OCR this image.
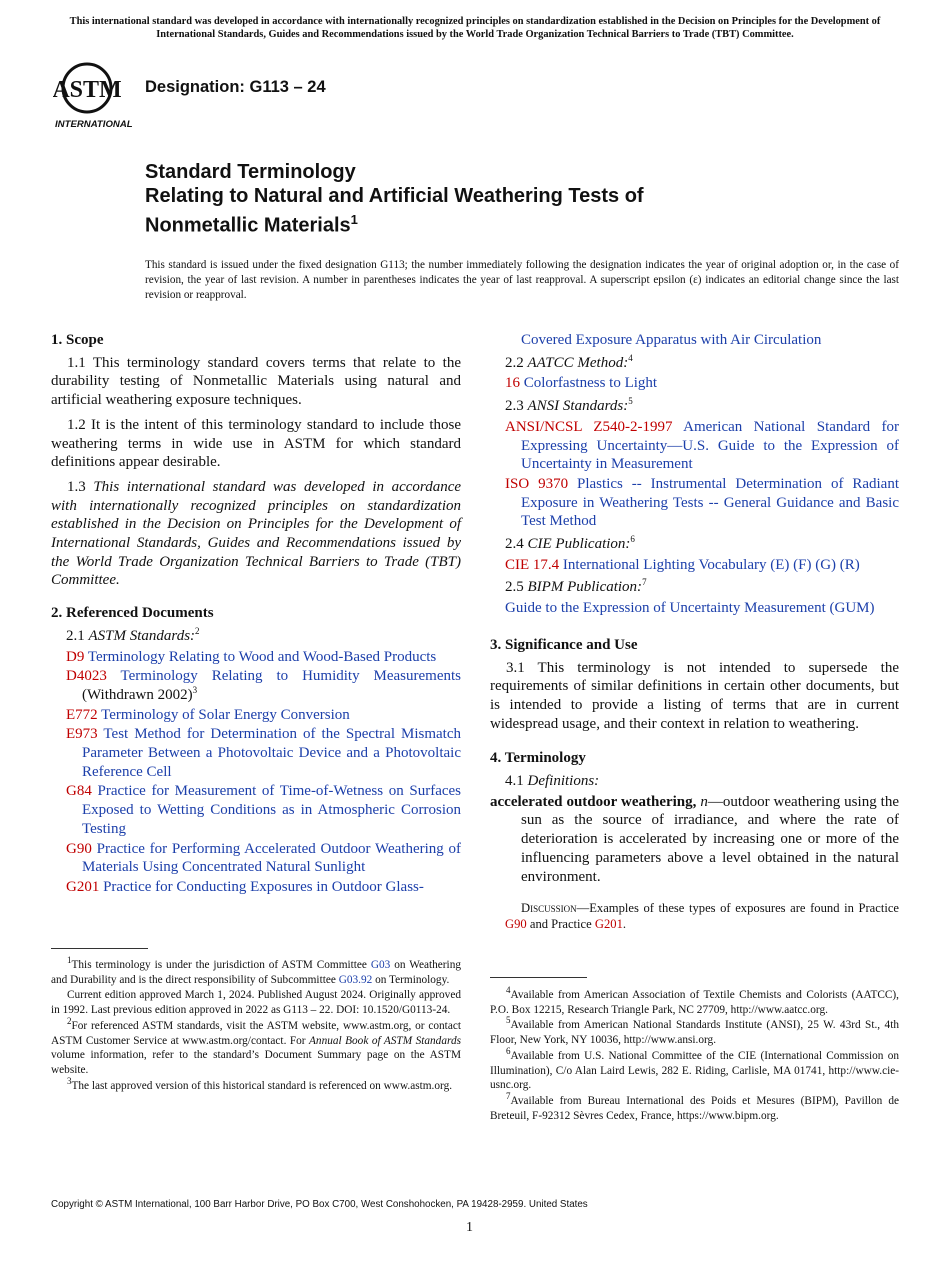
This international standard was developed in accordance with internationally recognized principles on standardization established in the Decision on Principles for the Development of International Standards, Guides and Recommendations issued by the World Trade Organization Technical Barriers to Trade (TBT) Committee.
ASTM
INTERNATIONAL
Designation: G113 – 24
Standard Terminology
Relating to Natural and Artificial Weathering Tests of
Nonmetallic Materials$^1$
This standard is issued under the fixed designation G113; the number immediately following the designation indicates the year of original adoption or, in the case of revision, the year of last revision. A number in parentheses indicates the year of last reapproval. A superscript epsilon (ε) indicates an editorial change since the last revision or reapproval.
1. Scope
1.1 This terminology standard covers terms that relate to the durability testing of Nonmetallic Materials using natural and artificial weathering exposure techniques.
1.2 It is the intent of this terminology standard to include those weathering terms in wide use in ASTM for which standard definitions appear desirable.
1.3 This international standard was developed in accordance with internationally recognized principles on standardization established in the Decision on Principles for the Development of International Standards, Guides and Recommendations issued by the World Trade Organization Technical Barriers to Trade (TBT) Committee.
2. Referenced Documents
2.1 ASTM Standards:$^2$
D9 Terminology Relating to Wood and Wood-Based Products
D4023 Terminology Relating to Humidity Measurements (Withdrawn 2002)$^3$
E772 Terminology of Solar Energy Conversion
E973 Test Method for Determination of the Spectral Mismatch Parameter Between a Photovoltaic Device and a Photovoltaic Reference Cell
G84 Practice for Measurement of Time-of-Wetness on Surfaces Exposed to Wetting Conditions as in Atmospheric Corrosion Testing
G90 Practice for Performing Accelerated Outdoor Weathering of Materials Using Concentrated Natural Sunlight
G201 Practice for Conducting Exposures in Outdoor Glass-
Covered Exposure Apparatus with Air Circulation
2.2 AATCC Method:$^4$
16 Colorfastness to Light
2.3 ANSI Standards:$^5$
ANSI/NCSL Z540-2-1997 American National Standard for Expressing Uncertainty—U.S. Guide to the Expression of Uncertainty in Measurement
ISO 9370 Plastics -- Instrumental Determination of Radiant Exposure in Weathering Tests -- General Guidance and Basic Test Method
2.4 CIE Publication:$^6$
CIE 17.4 International Lighting Vocabulary (E) (F) (G) (R)
2.5 BIPM Publication:$^7$
Guide to the Expression of Uncertainty Measurement (GUM)
3. Significance and Use
3.1 This terminology is not intended to supersede the requirements of similar definitions in certain other documents, but is intended to provide a listing of terms that are in current widespread usage, and their context in relation to weathering.
4. Terminology
4.1 Definitions:
accelerated outdoor weathering, n—outdoor weathering using the sun as the source of irradiance, and where the rate of deterioration is accelerated by increasing one or more of the influencing parameters above a level obtained in the natural environment.
Discussion—Examples of these types of exposures are found in Practice G90 and Practice G201.

$^1$This terminology is under the jurisdiction of ASTM Committee G03 on Weathering and Durability and is the direct responsibility of Subcommittee G03.92 on Terminology.

Current edition approved March 1, 2024. Published August 2024. Originally approved in 1992. Last previous edition approved in 2022 as G113 – 22. DOI: 10.1520/G0113-24.

$^2$For referenced ASTM standards, visit the ASTM website, www.astm.org, or contact ASTM Customer Service at www.astm.org/contact. For Annual Book of ASTM Standards volume information, refer to the standard’s Document Summary page on the ASTM website.

$^3$The last approved version of this historical standard is referenced on www.astm.org.

$^4$Available from American Association of Textile Chemists and Colorists (AATCC), P.O. Box 12215, Research Triangle Park, NC 27709, http://www.aatcc.org.

$^5$Available from American National Standards Institute (ANSI), 25 W. 43rd St., 4th Floor, New York, NY 10036, http://www.ansi.org.

$^6$Available from U.S. National Committee of the CIE (International Commission on Illumination), C/o Alan Laird Lewis, 282 E. Riding, Carlisle, MA 01741, http://www.cie-usnc.org.

$^7$Available from Bureau International des Poids et Mesures (BIPM), Pavillon de Breteuil, F-92312 Sèvres Cedex, France, https://www.bipm.org.

Copyright © ASTM International, 100 Barr Harbor Drive, PO Box C700, West Conshohocken, PA 19428-2959. United States
1
